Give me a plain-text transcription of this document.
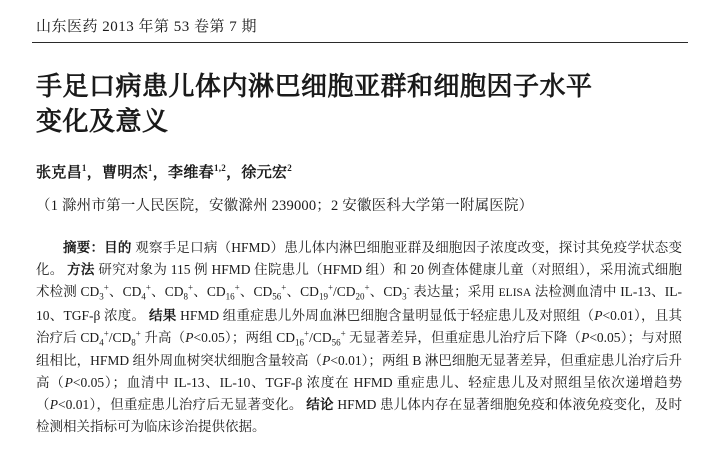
山东医药 2013 年第 53 卷第 7 期
手足口病患儿体内淋巴细胞亚群和细胞因子水平变化及意义
张克昌$^1$，曹明杰$^1$，李维春$^{1,2}$，徐元宏$^2$
（1 滁州市第一人民医院，安徽滁州 239000；2 安徽医科大学第一附属医院）

摘要：目的 观察手足口病（HFMD）患儿体内淋巴细胞亚群及细胞因子浓度改变，探讨其免疫学状态变化。 方法 研究对象为 115 例 HFMD 住院患儿（HFMD 组）和 20 例查体健康儿童（对照组），采用流式细胞术检测 $CD_3^+$、$CD_4^+$、$CD_8^+$、$CD_{16}^+$、$CD_{56}^+$、$CD_{19}^+/CD_{20}^+$、$CD_3^-$ 表达量；采用 ELISA 法检测血清中 IL-13、IL-10、TGF-β 浓度。 结果 HFMD 组重症患儿外周血淋巴细胞含量明显低于轻症患儿及对照组（P<0.01），且其治疗后 $CD_4^+/CD_8^+$ 升高（P<0.05）；两组 $CD_{16}^+/CD_{56}^+$ 无显著差异，但重症患儿治疗后下降（P<0.05）；与对照组相比，HFMD 组外周血树突状细胞含量较高（P<0.01）；两组 B 淋巴细胞无显著差异，但重症患儿治疗后升高（P<0.05）；血清中 IL-13、IL-10、TGF-β 浓度在 HFMD 重症患儿、轻症患儿及对照组呈依次递增趋势（P<0.01），但重症患儿治疗后无显著变化。 结论 HFMD 患儿体内存在显著细胞免疫和体液免疫变化，及时检测相关指标可为临床诊治提供依据。
